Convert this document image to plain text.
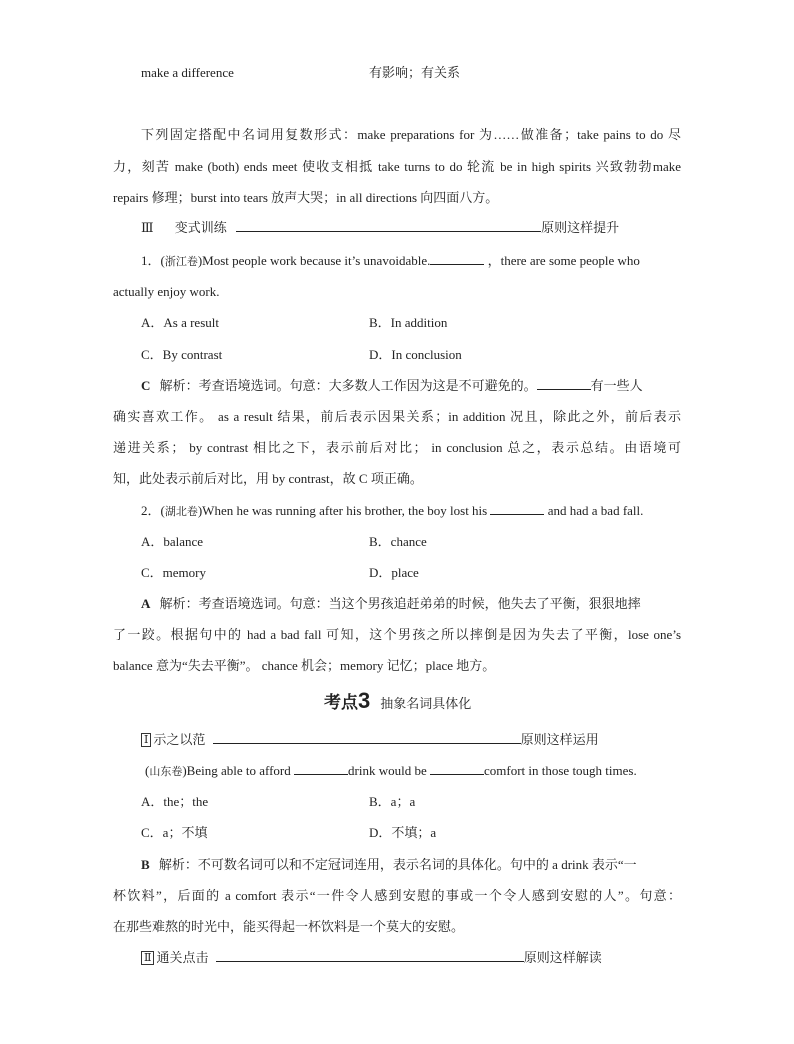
make a difference	有影响；有关系
下列固定搭配中名词用复数形式：make preparations for 为……做准备；take pains to do 尽
力，刻苦 make (both) ends meet 使收支相抵 take turns to do 轮流 be in high spirits 兴致勃勃make
repairs 修理；burst into tears 放声大哭；in all directions 向四面八方。
Ⅲ 变式训练	原则这样提升
1．(浙江卷)Most people work because it’s unavoidable.	，there are some people who
actually enjoy work.
A．As a result	B．In addition
C．By contrast	D．In conclusion
C 解析：考查语境选词。句意：大多数人工作因为这是不可避免的。	有一些人
确实喜欢工作。 as a result 结果，前后表示因果关系；in addition 况且，除此之外，前后表示
递进关系； by contrast 相比之下，表示前后对比； in conclusion 总之，表示总结。由语境可
知，此处表示前后对比，用 by contrast，故 C 项正确。
2．(湖北卷)When he was running after his brother, the boy lost his	and had a bad fall.
A．balance	B．chance
C．memory	D．place
A 解析：考查语境选词。句意：当这个男孩追赶弟弟的时候，他失去了平衡，狠狠地摔
了一跤。根据句中的 had a bad fall 可知，这个男孩之所以摔倒是因为失去了平衡，lose one’s
balance 意为“失去平衡”。 chance 机会；memory 记忆；place 地方。
考点3 抽象名词具体化
Ⅰ 示之以范	原则这样运用
(山东卷)Being able to afford	drink would be	comfort in those tough times.
A．the；the	B．a；a
C．a；不填	D．不填；a
B 解析：不可数名词可以和不定冠词连用，表示名词的具体化。句中的 a drink 表示“一
杯饮料”，后面的 a comfort 表示“一件令人感到安慰的事或一个令人感到安慰的人”。句意：
在那些难熬的时光中，能买得起一杯饮料是一个莫大的安慰。
Ⅱ 通关点击	原则这样解读
